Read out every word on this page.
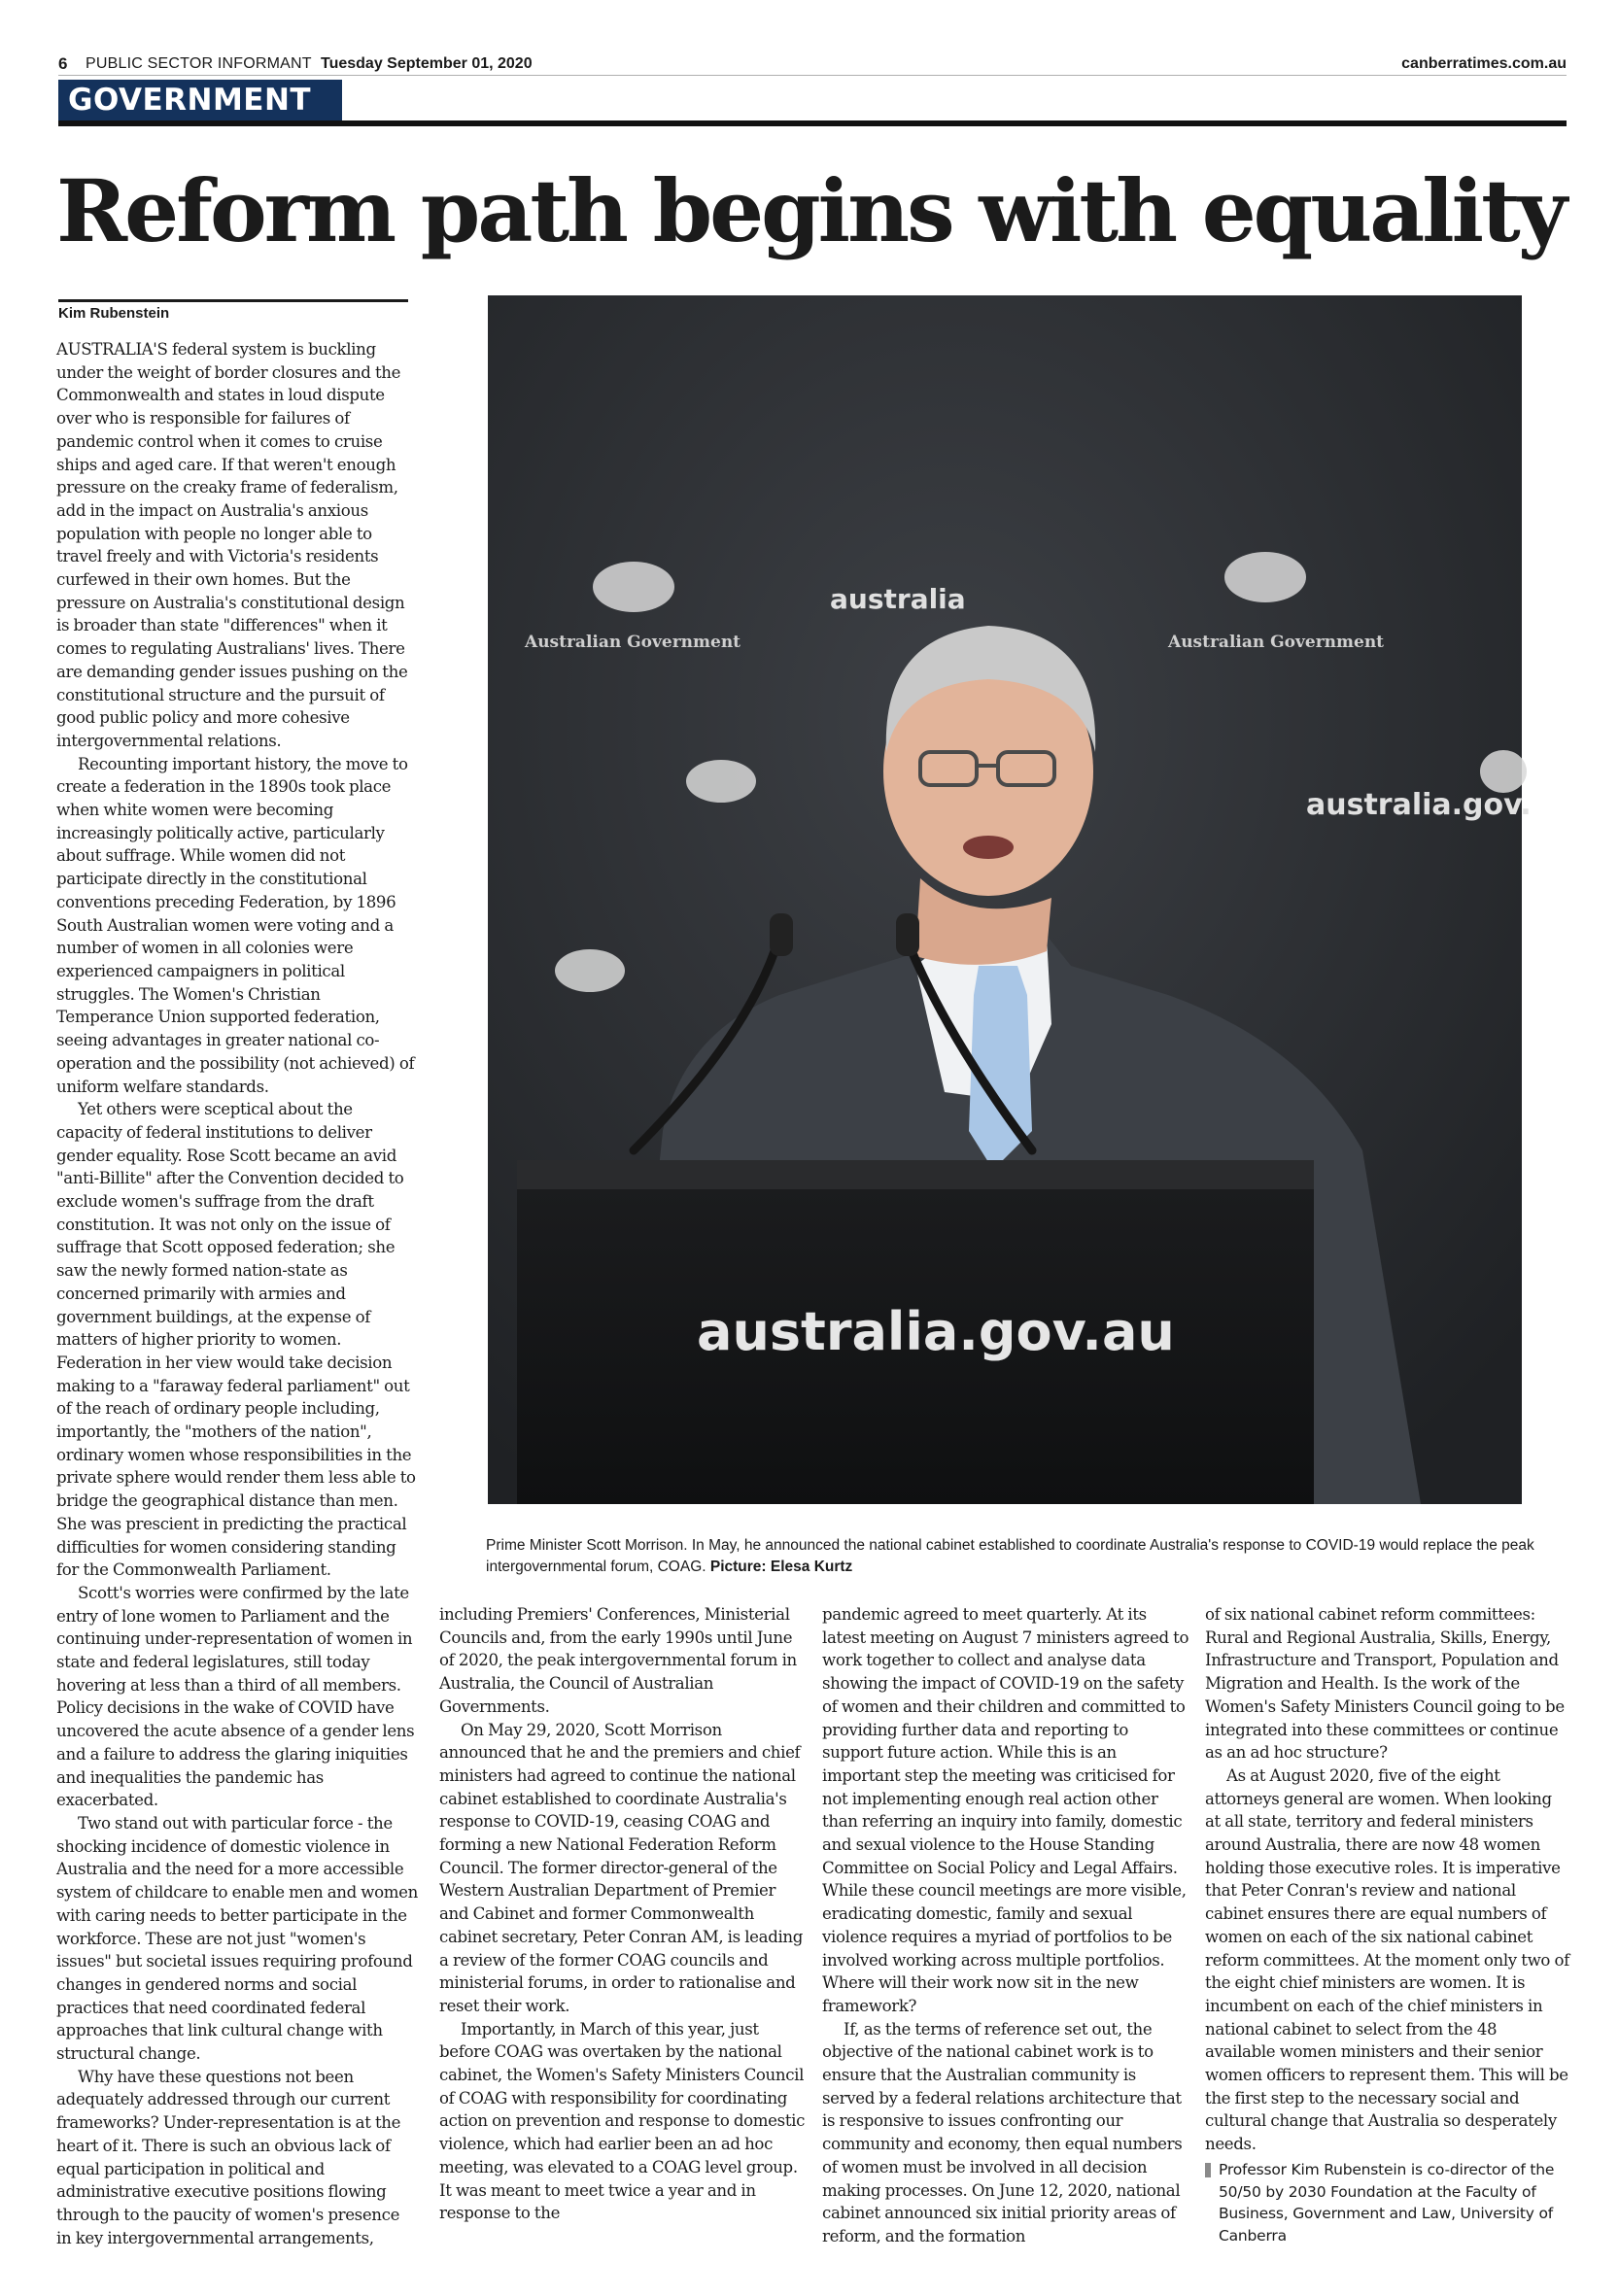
6 PUBLIC SECTOR INFORMANT Tuesday September 01, 2020	canberratimes.com.au
GOVERNMENT
Reform path begins with equality
Kim Rubenstein

AUSTRALIA'S federal system is buckling under the weight of border closures and the Commonwealth and states in loud dispute over who is responsible for failures of pandemic control when it comes to cruise ships and aged care. If that weren't enough pressure on the creaky frame of federalism, add in the impact on Australia's anxious population with people no longer able to travel freely and with Victoria's residents curfewed in their own homes. But the pressure on Australia's constitutional design is broader than state "differences" when it comes to regulating Australians' lives. There are demanding gender issues pushing on the constitutional structure and the pursuit of good public policy and more cohesive intergovernmental relations.

Recounting important history, the move to create a federation in the 1890s took place when white women were becoming increasingly politically active, particularly about suffrage. While women did not participate directly in the constitutional conventions preceding Federation, by 1896 South Australian women were voting and a number of women in all colonies were experienced campaigners in political struggles. The Women's Christian Temperance Union supported federation, seeing advantages in greater national co-operation and the possibility (not achieved) of uniform welfare standards.

Yet others were sceptical about the capacity of federal institutions to deliver gender equality. Rose Scott became an avid "anti-Billite" after the Convention decided to exclude women's suffrage from the draft constitution. It was not only on the issue of suffrage that Scott opposed federation; she saw the newly formed nation-state as concerned primarily with armies and government buildings, at the expense of matters of higher priority to women. Federation in her view would take decision making to a "faraway federal parliament" out of the reach of ordinary people including, importantly, the "mothers of the nation", ordinary women whose responsibilities in the private sphere would render them less able to bridge the geographical distance than men. She was prescient in predicting the practical difficulties for women considering standing for the Commonwealth Parliament.

Scott's worries were confirmed by the late entry of lone women to Parliament and the continuing under-representation of women in state and federal legislatures, still today hovering at less than a third of all members. Policy decisions in the wake of COVID have uncovered the acute absence of a gender lens and a failure to address the glaring iniquities and inequalities the pandemic has exacerbated.

Two stand out with particular force - the shocking incidence of domestic violence in Australia and the need for a more accessible system of childcare to enable men and women with caring needs to better participate in the workforce. These are not just "women's issues" but societal issues requiring profound changes in gendered norms and social practices that need coordinated federal approaches that link cultural change with structural change.

Why have these questions not been adequately addressed through our current frameworks? Under-representation is at the heart of it. There is such an obvious lack of equal participation in political and administrative executive positions flowing through to the paucity of women's presence in key intergovernmental arrangements,

Australian Government	Australian Government
australia
australia.gov.
australia.gov.au
Prime Minister Scott Morrison. In May, he announced the national cabinet established to coordinate Australia's response to COVID-19 would replace the peak intergovernmental forum, COAG. Picture: Elesa Kurtz

including Premiers' Conferences, Ministerial Councils and, from the early 1990s until June of 2020, the peak intergovernmental forum in Australia, the Council of Australian Governments.

On May 29, 2020, Scott Morrison announced that he and the premiers and chief ministers had agreed to continue the national cabinet established to coordinate Australia's response to COVID-19, ceasing COAG and forming a new National Federation Reform Council. The former director-general of the Western Australian Department of Premier and Cabinet and former Commonwealth cabinet secretary, Peter Conran AM, is leading a review of the former COAG councils and ministerial forums, in order to rationalise and reset their work.

Importantly, in March of this year, just before COAG was overtaken by the national cabinet, the Women's Safety Ministers Council of COAG with responsibility for coordinating action on prevention and response to domestic violence, which had earlier been an ad hoc meeting, was elevated to a COAG level group. It was meant to meet twice a year and in response to the

pandemic agreed to meet quarterly. At its latest meeting on August 7 ministers agreed to work together to collect and analyse data showing the impact of COVID-19 on the safety of women and their children and committed to providing further data and reporting to support future action. While this is an important step the meeting was criticised for not implementing enough real action other than referring an inquiry into family, domestic and sexual violence to the House Standing Committee on Social Policy and Legal Affairs. While these council meetings are more visible, eradicating domestic, family and sexual violence requires a myriad of portfolios to be involved working across multiple portfolios. Where will their work now sit in the new framework?

If, as the terms of reference set out, the objective of the national cabinet work is to ensure that the Australian community is served by a federal relations architecture that is responsive to issues confronting our community and economy, then equal numbers of women must be involved in all decision making processes. On June 12, 2020, national cabinet announced six initial priority areas of reform, and the formation

of six national cabinet reform committees: Rural and Regional Australia, Skills, Energy, Infrastructure and Transport, Population and Migration and Health. Is the work of the Women's Safety Ministers Council going to be integrated into these committees or continue as an ad hoc structure?

As at August 2020, five of the eight attorneys general are women. When looking at all state, territory and federal ministers around Australia, there are now 48 women holding those executive roles. It is imperative that Peter Conran's review and national cabinet ensures there are equal numbers of women on each of the six national cabinet reform committees. At the moment only two of the eight chief ministers are women. It is incumbent on each of the chief ministers in national cabinet to select from the 48 available women ministers and their senior women officers to represent them. This will be the first step to the necessary social and cultural change that Australia so desperately needs.

Professor Kim Rubenstein is co-director of the 50/50 by 2030 Foundation at the Faculty of Business, Government and Law, University of Canberra
